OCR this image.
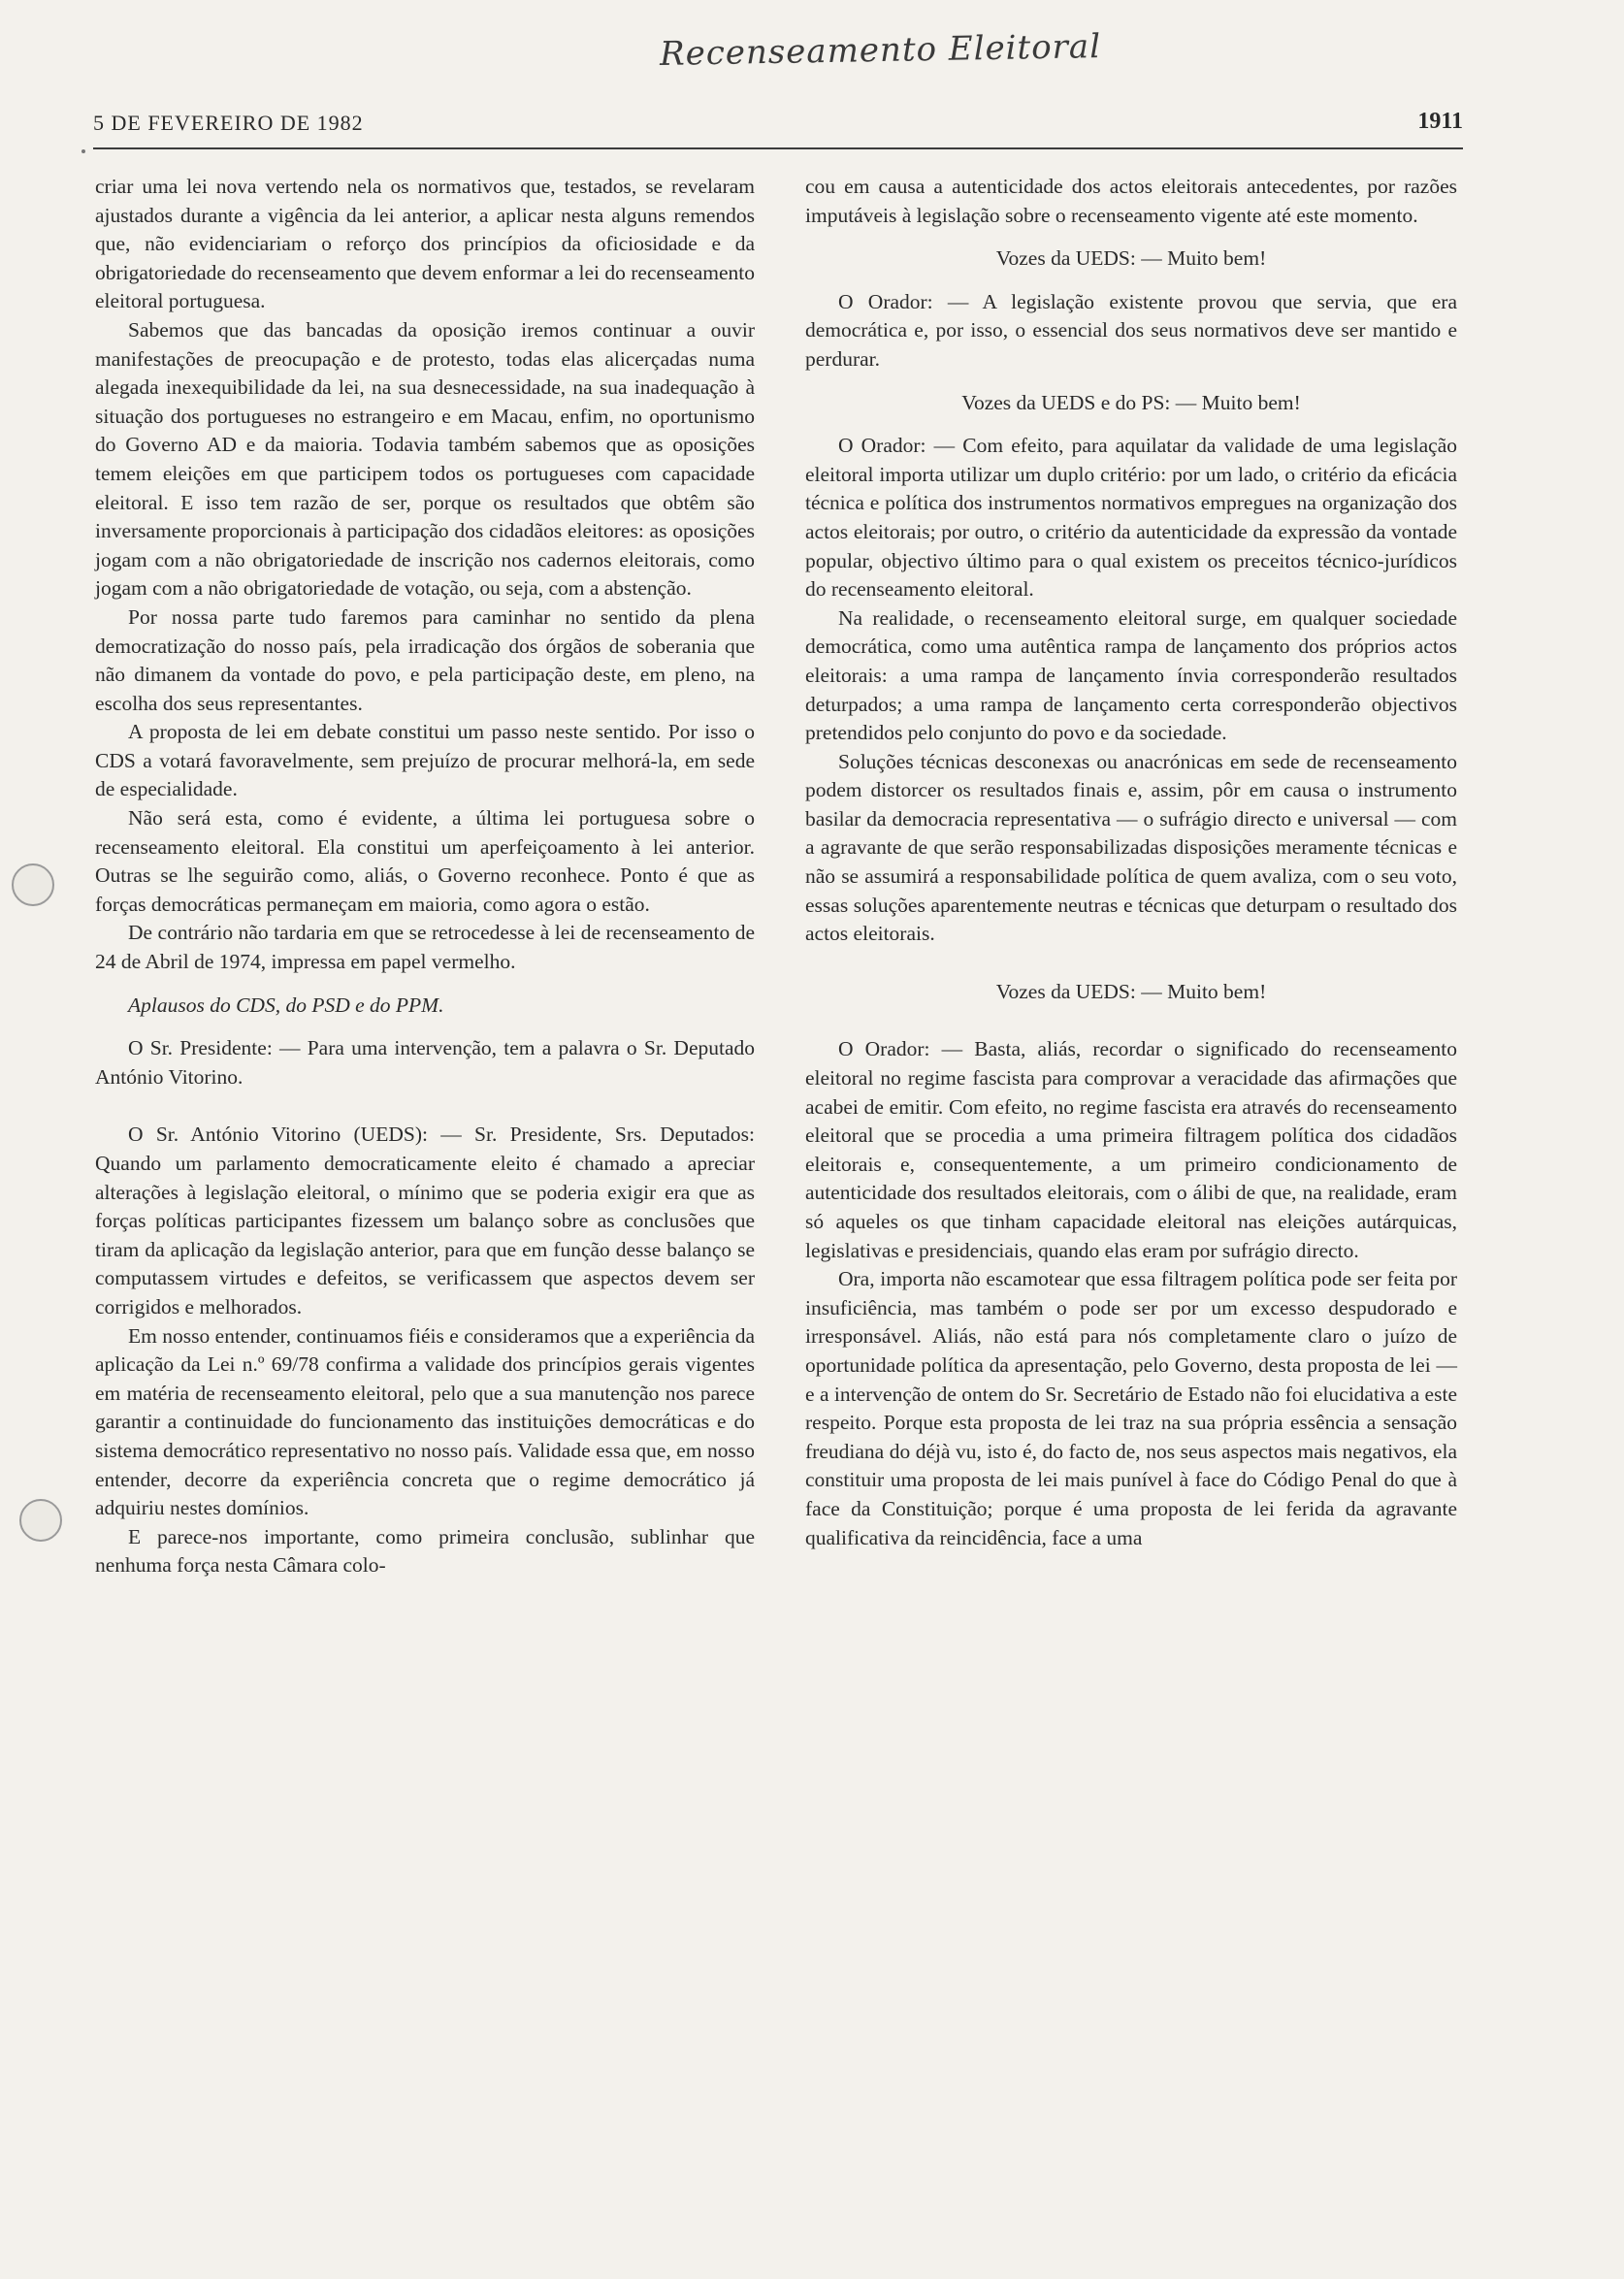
Recenseamento Eleitoral
5 DE FEVEREIRO DE 1982	1911

criar uma lei nova vertendo nela os normativos que, testados, se revelaram ajustados durante a vigência da lei anterior, a aplicar nesta alguns remendos que, não evidenciariam o reforço dos princípios da oficiosidade e da obrigatoriedade do recenseamento que devem enformar a lei do recenseamento eleitoral portuguesa.

Sabemos que das bancadas da oposição iremos continuar a ouvir manifestações de preocupação e de protesto, todas elas alicerçadas numa alegada inexequibilidade da lei, na sua desnecessidade, na sua inadequação à situação dos portugueses no estrangeiro e em Macau, enfim, no oportunismo do Governo AD e da maioria. Todavia também sabemos que as oposições temem eleições em que participem todos os portugueses com capacidade eleitoral. E isso tem razão de ser, porque os resultados que obtêm são inversamente proporcionais à participação dos cidadãos eleitores: as oposições jogam com a não obrigatoriedade de inscrição nos cadernos eleitorais, como jogam com a não obrigatoriedade de votação, ou seja, com a abstenção.

Por nossa parte tudo faremos para caminhar no sentido da plena democratização do nosso país, pela irradicação dos órgãos de soberania que não dimanem da vontade do povo, e pela participação deste, em pleno, na escolha dos seus representantes.

A proposta de lei em debate constitui um passo neste sentido. Por isso o CDS a votará favoravelmente, sem prejuízo de procurar melhorá-la, em sede de especialidade.

Não será esta, como é evidente, a última lei portuguesa sobre o recenseamento eleitoral. Ela constitui um aperfeiçoamento à lei anterior. Outras se lhe seguirão como, aliás, o Governo reconhece. Ponto é que as forças democráticas permaneçam em maioria, como agora o estão.

De contrário não tardaria em que se retrocedesse à lei de recenseamento de 24 de Abril de 1974, impressa em papel vermelho.

Aplausos do CDS, do PSD e do PPM.

O Sr. Presidente: — Para uma intervenção, tem a palavra o Sr. Deputado António Vitorino.

O Sr. António Vitorino (UEDS): — Sr. Presidente, Srs. Deputados: Quando um parlamento democraticamente eleito é chamado a apreciar alterações à legislação eleitoral, o mínimo que se poderia exigir era que as forças políticas participantes fizessem um balanço sobre as conclusões que tiram da aplicação da legislação anterior, para que em função desse balanço se computassem virtudes e defeitos, se verificassem que aspectos devem ser corrigidos e melhorados.

Em nosso entender, continuamos fiéis e consideramos que a experiência da aplicação da Lei n.º 69/78 confirma a validade dos princípios gerais vigentes em matéria de recenseamento eleitoral, pelo que a sua manutenção nos parece garantir a continuidade do funcionamento das instituições democráticas e do sistema democrático representativo no nosso país. Validade essa que, em nosso entender, decorre da experiência concreta que o regime democrático já adquiriu nestes domínios.

E parece-nos importante, como primeira conclusão, sublinhar que nenhuma força nesta Câmara colo-

cou em causa a autenticidade dos actos eleitorais antecedentes, por razões imputáveis à legislação sobre o recenseamento vigente até este momento.

Vozes da UEDS: — Muito bem!

O Orador: — A legislação existente provou que servia, que era democrática e, por isso, o essencial dos seus normativos deve ser mantido e perdurar.

Vozes da UEDS e do PS: — Muito bem!

O Orador: — Com efeito, para aquilatar da validade de uma legislação eleitoral importa utilizar um duplo critério: por um lado, o critério da eficácia técnica e política dos instrumentos normativos empregues na organização dos actos eleitorais; por outro, o critério da autenticidade da expressão da vontade popular, objectivo último para o qual existem os preceitos técnico-jurídicos do recenseamento eleitoral.

Na realidade, o recenseamento eleitoral surge, em qualquer sociedade democrática, como uma autêntica rampa de lançamento dos próprios actos eleitorais: a uma rampa de lançamento ínvia corresponderão resultados deturpados; a uma rampa de lançamento certa corresponderão objectivos pretendidos pelo conjunto do povo e da sociedade.

Soluções técnicas desconexas ou anacrónicas em sede de recenseamento podem distorcer os resultados finais e, assim, pôr em causa o instrumento basilar da democracia representativa — o sufrágio directo e universal — com a agravante de que serão responsabilizadas disposições meramente técnicas e não se assumirá a responsabilidade política de quem avaliza, com o seu voto, essas soluções aparentemente neutras e técnicas que deturpam o resultado dos actos eleitorais.

Vozes da UEDS: — Muito bem!

O Orador: — Basta, aliás, recordar o significado do recenseamento eleitoral no regime fascista para comprovar a veracidade das afirmações que acabei de emitir. Com efeito, no regime fascista era através do recenseamento eleitoral que se procedia a uma primeira filtragem política dos cidadãos eleitorais e, consequentemente, a um primeiro condicionamento de autenticidade dos resultados eleitorais, com o álibi de que, na realidade, eram só aqueles os que tinham capacidade eleitoral nas eleições autárquicas, legislativas e presidenciais, quando elas eram por sufrágio directo.

Ora, importa não escamotear que essa filtragem política pode ser feita por insuficiência, mas também o pode ser por um excesso despudorado e irresponsável. Aliás, não está para nós completamente claro o juízo de oportunidade política da apresentação, pelo Governo, desta proposta de lei — e a intervenção de ontem do Sr. Secretário de Estado não foi elucidativa a este respeito. Porque esta proposta de lei traz na sua própria essência a sensação freudiana do déjà vu, isto é, do facto de, nos seus aspectos mais negativos, ela constituir uma proposta de lei mais punível à face do Código Penal do que à face da Constituição; porque é uma proposta de lei ferida da agravante qualificativa da reincidência, face a uma
